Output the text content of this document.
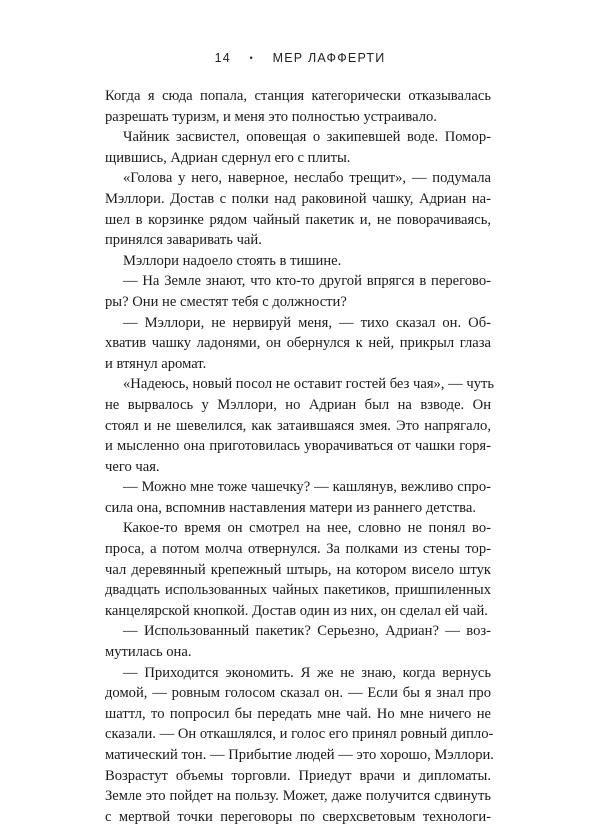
14 • МЕР ЛАФФЕРТИ
Когда я сюда попала, станция категорически отказывалась
разрешать туризм, и меня это полностью устраивало.
Чайник засвистел, оповещая о закипевшей воде. Помор-
щившись, Адриан сдернул его с плиты.
«Голова у него, наверное, неслабо трещит», — подумала
Мэллори. Достав с полки над раковиной чашку, Адриан на-
шел в корзинке рядом чайный пакетик и, не поворачиваясь,
принялся заваривать чай.
Мэллори надоело стоять в тишине.
— На Земле знают, что кто-то другой впрягся в перегово-
ры? Они не сместят тебя с должности?
— Мэллори, не нервируй меня, — тихо сказал он. Об-
хватив чашку ладонями, он обернулся к ней, прикрыл глаза
и втянул аромат.
«Надеюсь, новый посол не оставит гостей без чая», — чуть
не вырвалось у Мэллори, но Адриан был на взводе. Он
стоял и не шевелился, как затаившаяся змея. Это напрягало,
и мысленно она приготовилась уворачиваться от чашки горя-
чего чая.
— Можно мне тоже чашечку? — кашлянув, вежливо спро-
сила она, вспомнив наставления матери из раннего детства.
Какое-то время он смотрел на нее, словно не понял во-
проса, а потом молча отвернулся. За полками из стены тор-
чал деревянный крепежный штырь, на котором висело штук
двадцать использованных чайных пакетиков, пришпиленных
канцелярской кнопкой. Достав один из них, он сделал ей чай.
— Использованный пакетик? Серьезно, Адриан? — воз-
мутилась она.
— Приходится экономить. Я же не знаю, когда вернусь
домой, — ровным голосом сказал он. — Если бы я знал про
шаттл, то попросил бы передать мне чай. Но мне ничего не
сказали. — Он откашлялся, и голос его принял ровный дипло-
матический тон. — Прибытие людей — это хорошо, Мэллори.
Возрастут объемы торговли. Приедут врачи и дипломаты.
Земле это пойдет на пользу. Может, даже получится сдвинуть
с мертвой точки переговоры по сверхсветовым технологи-
